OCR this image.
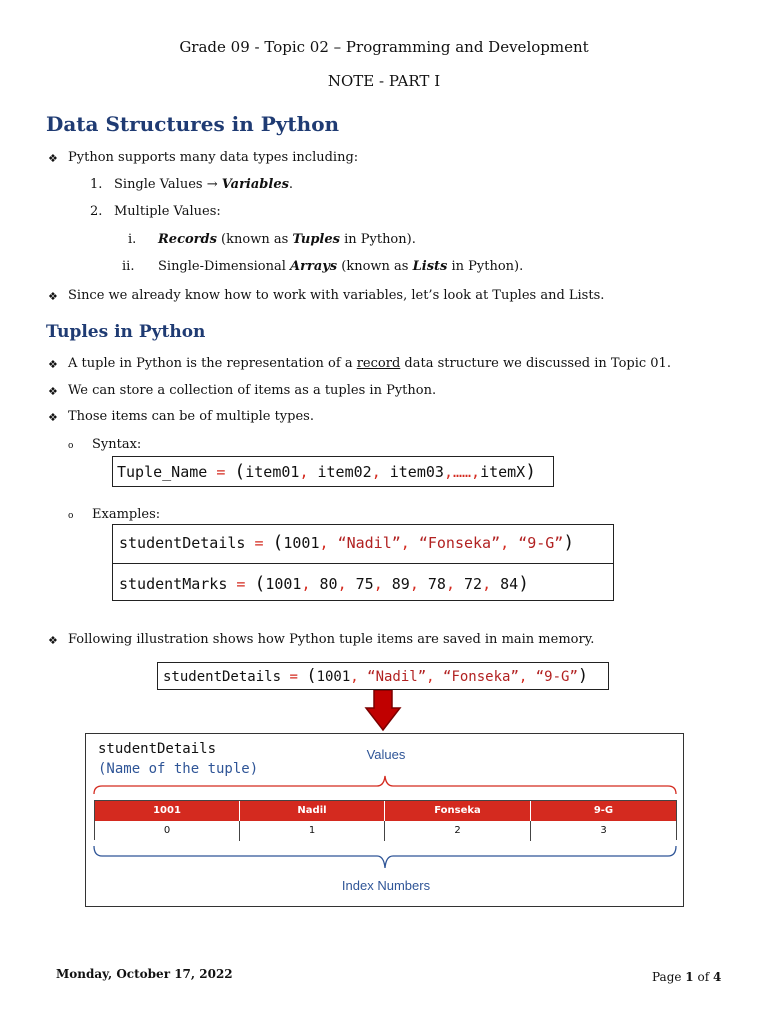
Grade 09 - Topic 02 – Programming and Development
NOTE - PART I
Data Structures in Python
❖ Python supports many data types including:
1. Single Values → Variables.
2. Multiple Values:
i. Records (known as Tuples in Python).
ii. Single-Dimensional Arrays (known as Lists in Python).
❖ Since we already know how to work with variables, let’s look at Tuples and Lists.
Tuples in Python
❖ A tuple in Python is the representation of a record data structure we discussed in Topic 01.
❖ We can store a collection of items as a tuples in Python.
❖ Those items can be of multiple types.
o Syntax:
Tuple_Name = (item01, item02, item03,……,itemX)
o Examples:
studentDetails = (1001, “Nadil”, “Fonseka”, “9-G”)
studentMarks = (1001, 80, 75, 89, 78, 72, 84)
❖ Following illustration shows how Python tuple items are saved in main memory.
studentDetails = (1001, “Nadil”, “Fonseka”, “9-G”)
studentDetails
(Name of the tuple)
Values
1001	Nadil	Fonseka	9-G
0	1	2	3
Index Numbers
Monday, October 17, 2022	Page 1 of 4
